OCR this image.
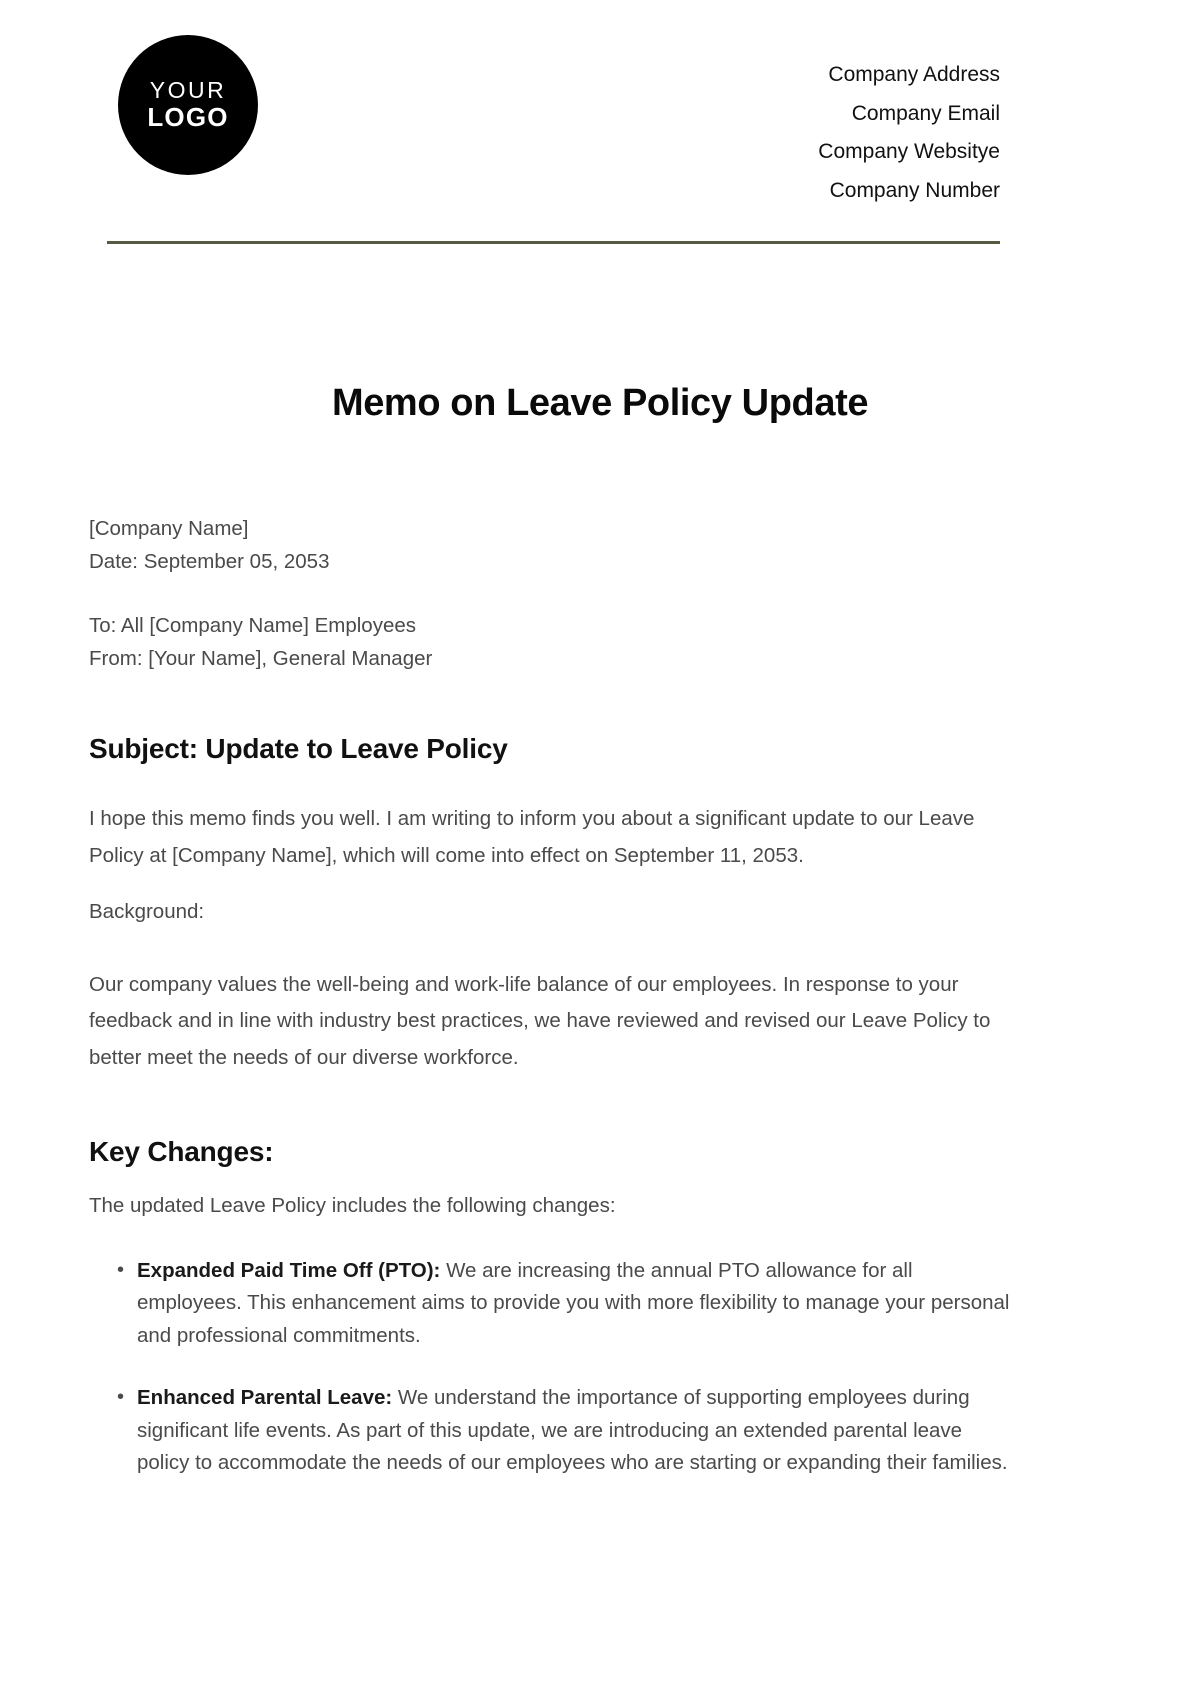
YOUR
LOGO
Company Address
Company Email
Company Websitye
Company Number
Memo on Leave Policy Update
[Company Name]
Date: September 05, 2053
To: All [Company Name] Employees
From: [Your Name], General Manager
Subject: Update to Leave Policy

I hope this memo finds you well. I am writing to inform you about a significant update to our Leave Policy at [Company Name], which will come into effect on September 11, 2053.

Background:

Our company values the well-being and work-life balance of our employees. In response to your feedback and in line with industry best practices, we have reviewed and revised our Leave Policy to better meet the needs of our diverse workforce.

Key Changes:

The updated Leave Policy includes the following changes:

• Expanded Paid Time Off (PTO): We are increasing the annual PTO allowance for all employees. This enhancement aims to provide you with more flexibility to manage your personal and professional commitments.
• Enhanced Parental Leave: We understand the importance of supporting employees during significant life events. As part of this update, we are introducing an extended parental leave policy to accommodate the needs of our employees who are starting or expanding their families.
